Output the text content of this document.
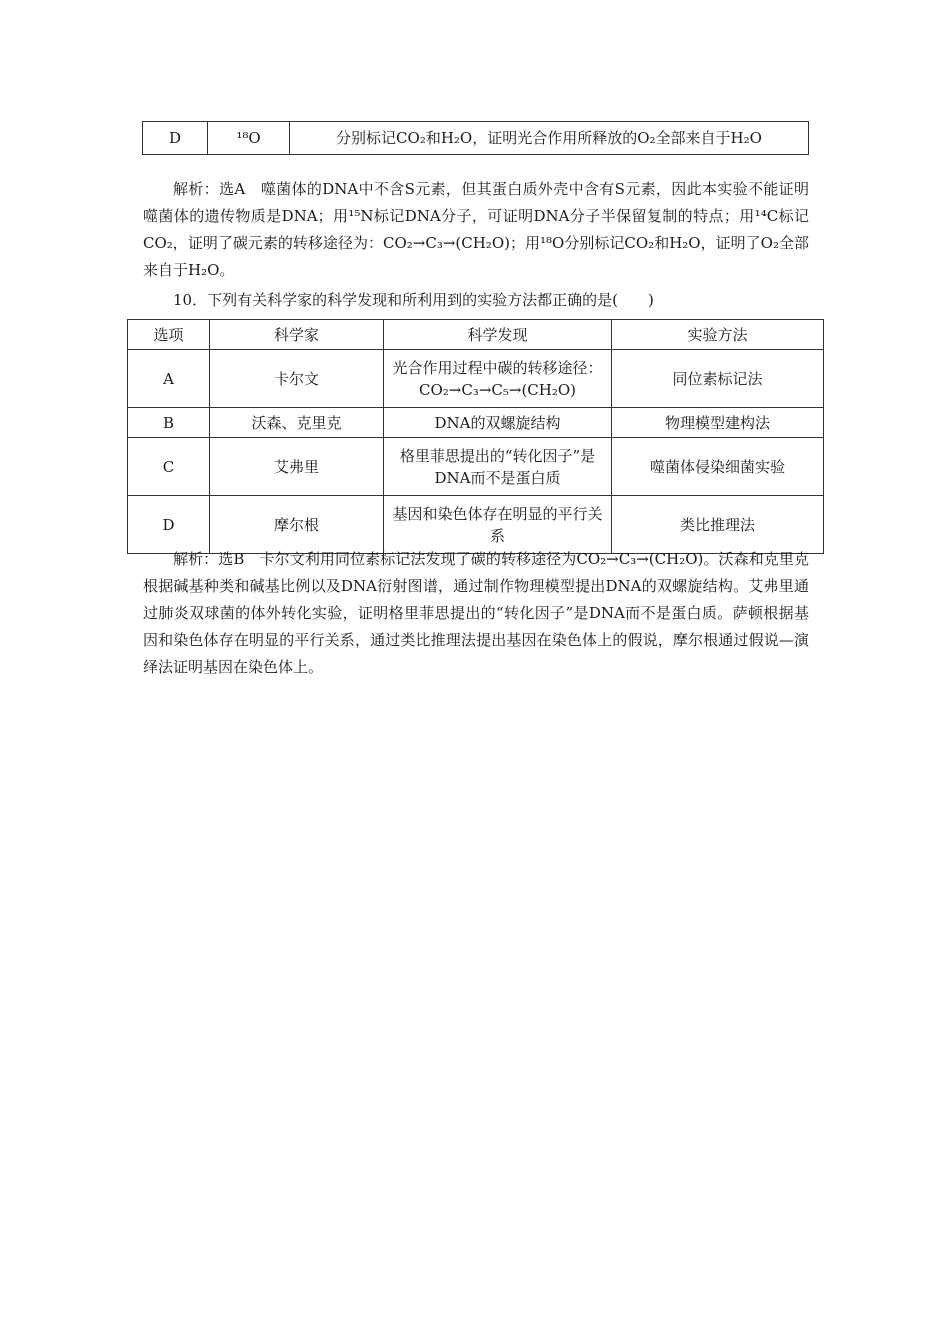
D	¹⁸O	分别标记CO₂和H₂O，证明光合作用所释放的O₂全部来自于H₂O
解析：选A　噬菌体的DNA中不含S元素，但其蛋白质外壳中含有S元素，因此本实验不能证明噬菌体的遗传物质是DNA；用¹⁵N标记DNA分子，可证明DNA分子半保留复制的特点；用¹⁴C标记CO₂，证明了碳元素的转移途径为：CO₂→C₃→(CH₂O)；用¹⁸O分别标记CO₂和H₂O，证明了O₂全部来自于H₂O。
10．下列有关科学家的科学发现和所利用到的实验方法都正确的是(　　)
选项	科学家	科学发现	实验方法
A	卡尔文	光合作用过程中碳的转移途径：CO₂→C₃→C₅→(CH₂O)	同位素标记法
B	沃森、克里克	DNA的双螺旋结构	物理模型建构法
C	艾弗里	格里菲思提出的“转化因子”是DNA而不是蛋白质	噬菌体侵染细菌实验
D	摩尔根	基因和染色体存在明显的平行关系	类比推理法
解析：选B　卡尔文利用同位素标记法发现了碳的转移途径为CO₂→C₃→(CH₂O)。沃森和克里克根据碱基种类和碱基比例以及DNA衍射图谱，通过制作物理模型提出DNA的双螺旋结构。艾弗里通过肺炎双球菌的体外转化实验，证明格里菲思提出的“转化因子”是DNA而不是蛋白质。萨顿根据基因和染色体存在明显的平行关系，通过类比推理法提出基因在染色体上的假说，摩尔根通过假说—演绎法证明基因在染色体上。
